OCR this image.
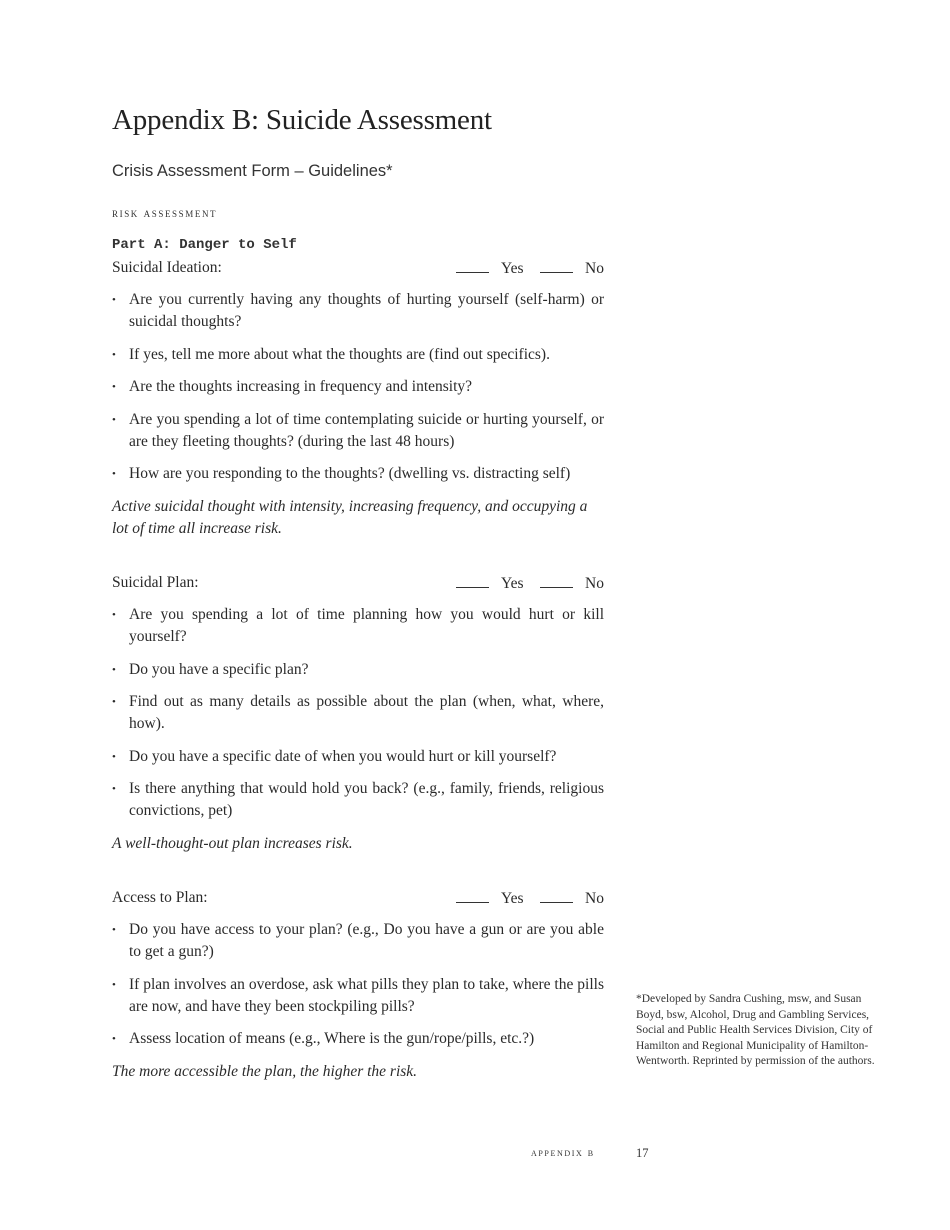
Appendix B: Suicide Assessment
Crisis Assessment Form – Guidelines*
risk assessment
Part A: Danger to Self
Suicidal Ideation:	Yes	No
• Are you currently having any thoughts of hurting yourself (self-harm) or suicidal thoughts?
• If yes, tell me more about what the thoughts are (find out specifics).
• Are the thoughts increasing in frequency and intensity?
• Are you spending a lot of time contemplating suicide or hurting yourself, or are they fleeting thoughts? (during the last 48 hours)
• How are you responding to the thoughts? (dwelling vs. distracting self)
Active suicidal thought with intensity, increasing frequency, and occupying a lot of time all increase risk.
Suicidal Plan:	Yes	No
• Are you spending a lot of time planning how you would hurt or kill yourself?
• Do you have a specific plan?
• Find out as many details as possible about the plan (when, what, where, how).
• Do you have a specific date of when you would hurt or kill yourself?
• Is there anything that would hold you back? (e.g., family, friends, religious convictions, pet)
A well-thought-out plan increases risk.
Access to Plan:	Yes	No
• Do you have access to your plan? (e.g., Do you have a gun or are you able to get a gun?)
• If plan involves an overdose, ask what pills they plan to take, where the pills are now, and have they been stockpiling pills?
• Assess location of means (e.g., Where is the gun/rope/pills, etc.?)
The more accessible the plan, the higher the risk.
*Developed by Sandra Cushing, msw, and Susan Boyd, bsw, Alcohol, Drug and Gambling Services, Social and Public Health Services Division, City of Hamilton and Regional Municipality of Hamilton-Wentworth. Reprinted by permission of the authors.
appendix b	17
